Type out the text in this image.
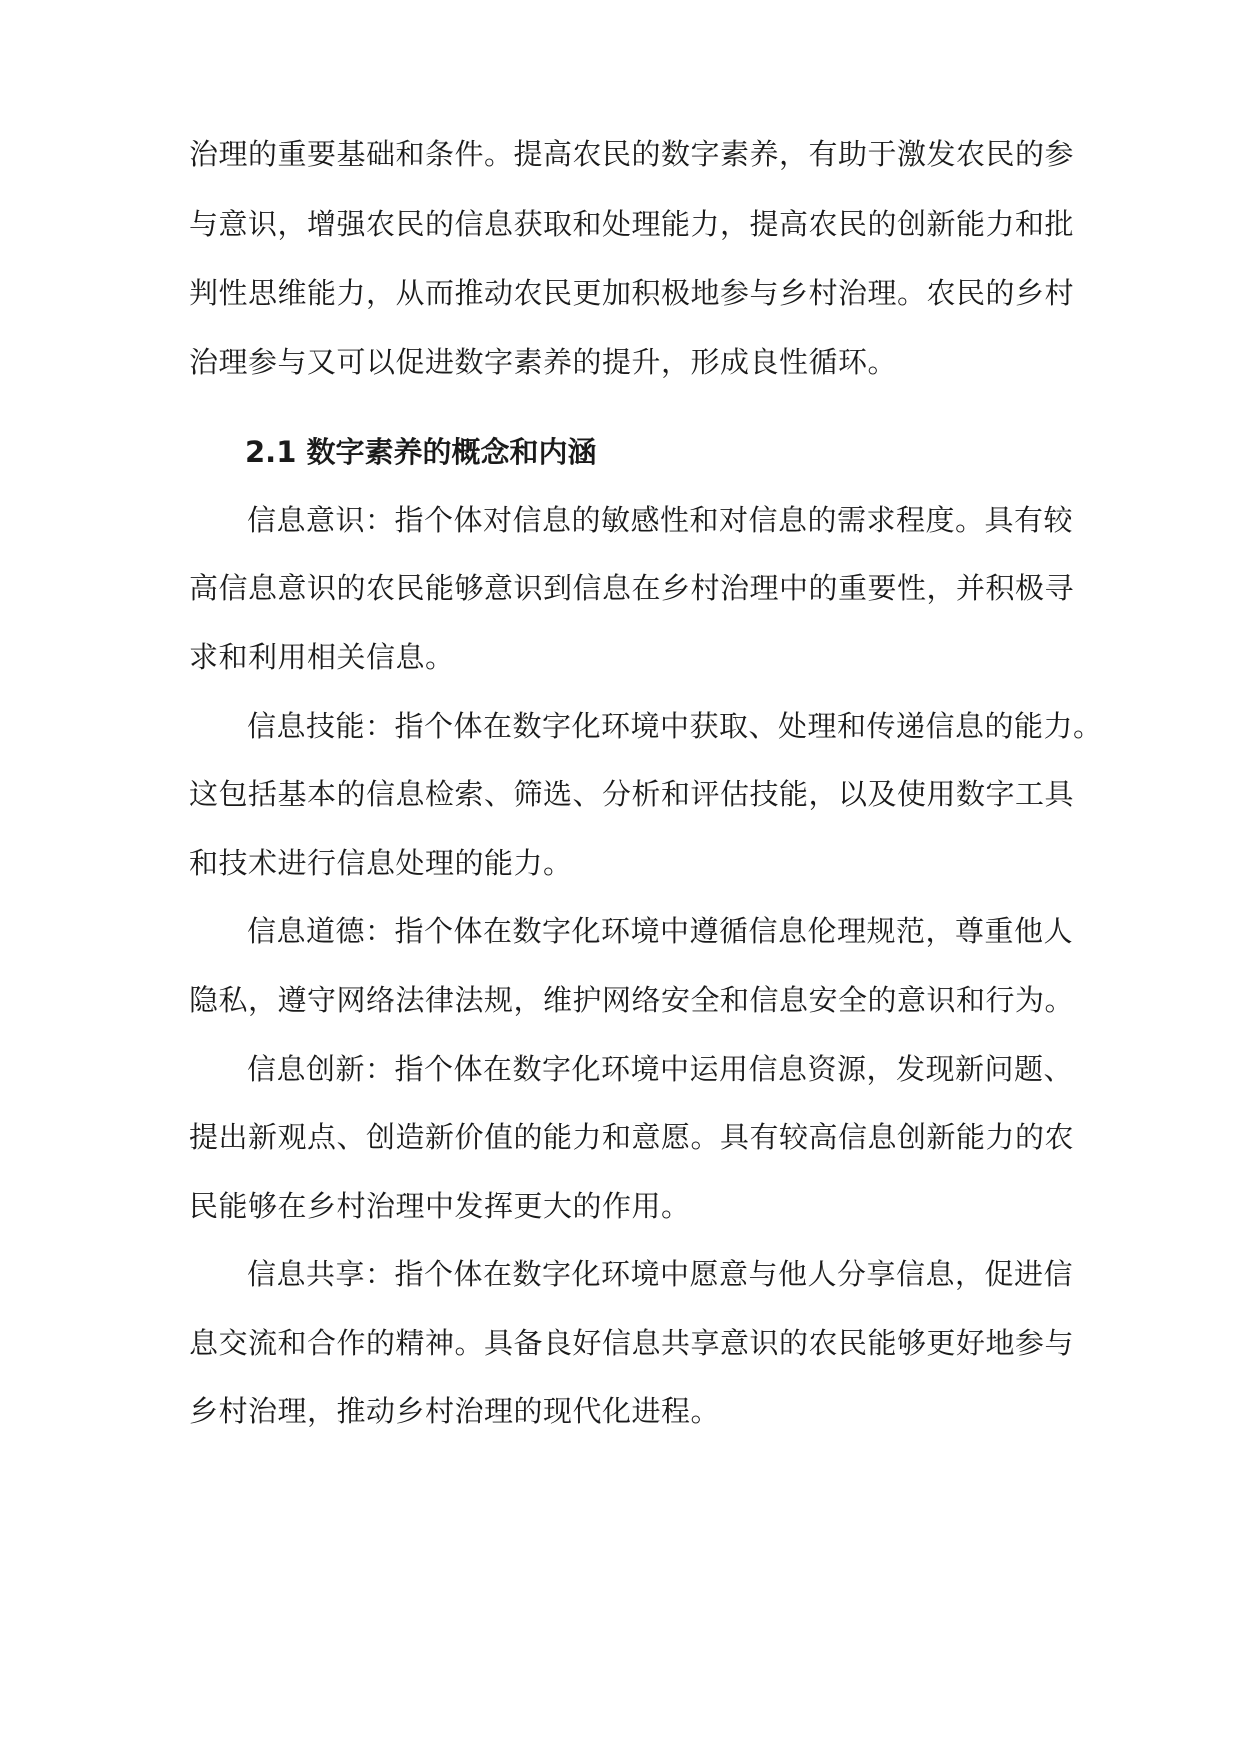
治理的重要基础和条件。提高农民的数字素养，有助于激发农民的参
与意识，增强农民的信息获取和处理能力，提高农民的创新能力和批
判性思维能力，从而推动农民更加积极地参与乡村治理。农民的乡村
治理参与又可以促进数字素养的提升，形成良性循环。
2.1 数字素养的概念和内涵
信息意识：指个体对信息的敏感性和对信息的需求程度。具有较
高信息意识的农民能够意识到信息在乡村治理中的重要性，并积极寻
求和利用相关信息。
信息技能：指个体在数字化环境中获取、处理和传递信息的能力。
这包括基本的信息检索、筛选、分析和评估技能，以及使用数字工具
和技术进行信息处理的能力。
信息道德：指个体在数字化环境中遵循信息伦理规范，尊重他人
隐私，遵守网络法律法规，维护网络安全和信息安全的意识和行为。
信息创新：指个体在数字化环境中运用信息资源，发现新问题、
提出新观点、创造新价值的能力和意愿。具有较高信息创新能力的农
民能够在乡村治理中发挥更大的作用。
信息共享：指个体在数字化环境中愿意与他人分享信息，促进信
息交流和合作的精神。具备良好信息共享意识的农民能够更好地参与
乡村治理，推动乡村治理的现代化进程。
